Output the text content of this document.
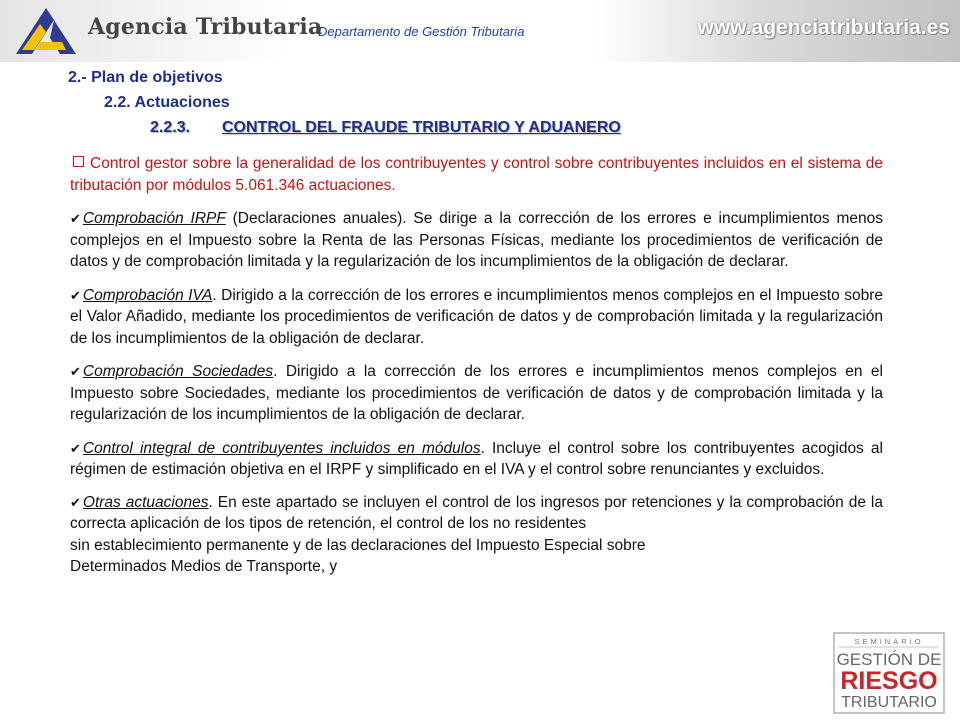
Agencia Tributaria
Departamento de Gestión Tributaria	www.agenciatributaria.es
2.- Plan de objetivos
2.2. Actuaciones
2.2.3. CONTROL DEL FRAUDE TRIBUTARIO Y ADUANERO

Control gestor sobre la generalidad de los contribuyentes y control sobre contribuyentes incluidos en el sistema de tributación por módulos 5.061.346 actuaciones.

✔ Comprobación IRPF (Declaraciones anuales). Se dirige a la corrección de los errores e incumplimientos menos complejos en el Impuesto sobre la Renta de las Personas Físicas, mediante los procedimientos de verificación de datos y de comprobación limitada y la regularización de los incumplimientos de la obligación de declarar.

✔ Comprobación IVA. Dirigido a la corrección de los errores e incumplimientos menos complejos en el Impuesto sobre el Valor Añadido, mediante los procedimientos de verificación de datos y de comprobación limitada y la regularización de los incumplimientos de la obligación de declarar.

✔ Comprobación Sociedades. Dirigido a la corrección de los errores e incumplimientos menos complejos en el Impuesto sobre Sociedades, mediante los procedimientos de verificación de datos y de comprobación limitada y la regularización de los incumplimientos de la obligación de declarar.

✔ Control integral de contribuyentes incluidos en módulos. Incluye el control sobre los contribuyentes acogidos al régimen de estimación objetiva en el IRPF y simplificado en el IVA y el control sobre renunciantes y excluidos.

✔ Otras actuaciones. En este apartado se incluyen el control de los ingresos por retenciones y la comprobación de la correcta aplicación de los tipos de retención, el control de los no residentes

sin establecimiento permanente y de las declaraciones del Impuesto Especial sobre
Determinados Medios de Transporte, y
SEMINARIO
GESTIÓN DE
RIESGO
TRIBUTARIO
